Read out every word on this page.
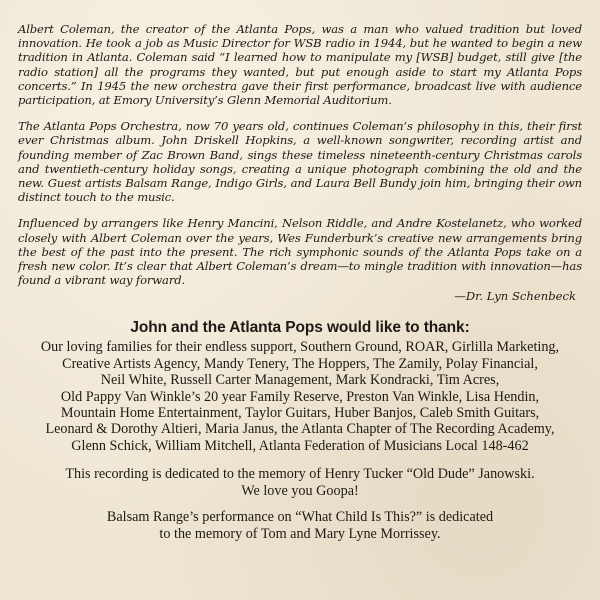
Albert Coleman, the creator of the Atlanta Pops, was a man who valued tradition but loved innovation. He took a job as Music Director for WSB radio in 1944, but he wanted to begin a new tradition in Atlanta. Coleman said “I learned how to manipulate my [WSB] budget, still give [the radio station] all the programs they wanted, but put enough aside to start my Atlanta Pops concerts.” In 1945 the new orchestra gave their first performance, broadcast live with audience participation, at Emory University’s Glenn Memorial Auditorium.

The Atlanta Pops Orchestra, now 70 years old, continues Coleman’s philosophy in this, their first ever Christmas album. John Driskell Hopkins, a well-known songwriter, recording artist and founding member of Zac Brown Band, sings these timeless nineteenth-century Christmas carols and twentieth-century holiday songs, creating a unique photograph combining the old and the new. Guest artists Balsam Range, Indigo Girls, and Laura Bell Bundy join him, bringing their own distinct touch to the music.

Influenced by arrangers like Henry Mancini, Nelson Riddle, and Andre Kostelanetz, who worked closely with Albert Coleman over the years, Wes Funderburk’s creative new arrangements bring the best of the past into the present. The rich symphonic sounds of the Atlanta Pops take on a fresh new color. It’s clear that Albert Coleman’s dream—to mingle tradition with innovation—has found a vibrant way forward.

—Dr. Lyn Schenbeck
John and the Atlanta Pops would like to thank:

Our loving families for their endless support, Southern Ground, ROAR, Girlilla Marketing,
Creative Artists Agency, Mandy Tenery, The Hoppers, The Zamily, Polay Financial,
Neil White, Russell Carter Management, Mark Kondracki, Tim Acres,
Old Pappy Van Winkle’s 20 year Family Reserve, Preston Van Winkle, Lisa Hendin,
Mountain Home Entertainment, Taylor Guitars, Huber Banjos, Caleb Smith Guitars,
Leonard & Dorothy Altieri, Maria Janus, the Atlanta Chapter of The Recording Academy,
Glenn Schick, William Mitchell, Atlanta Federation of Musicians Local 148-462

This recording is dedicated to the memory of Henry Tucker “Old Dude” Janowski.
We love you Goopa!

Balsam Range’s performance on “What Child Is This?” is dedicated
to the memory of Tom and Mary Lyne Morrissey.
